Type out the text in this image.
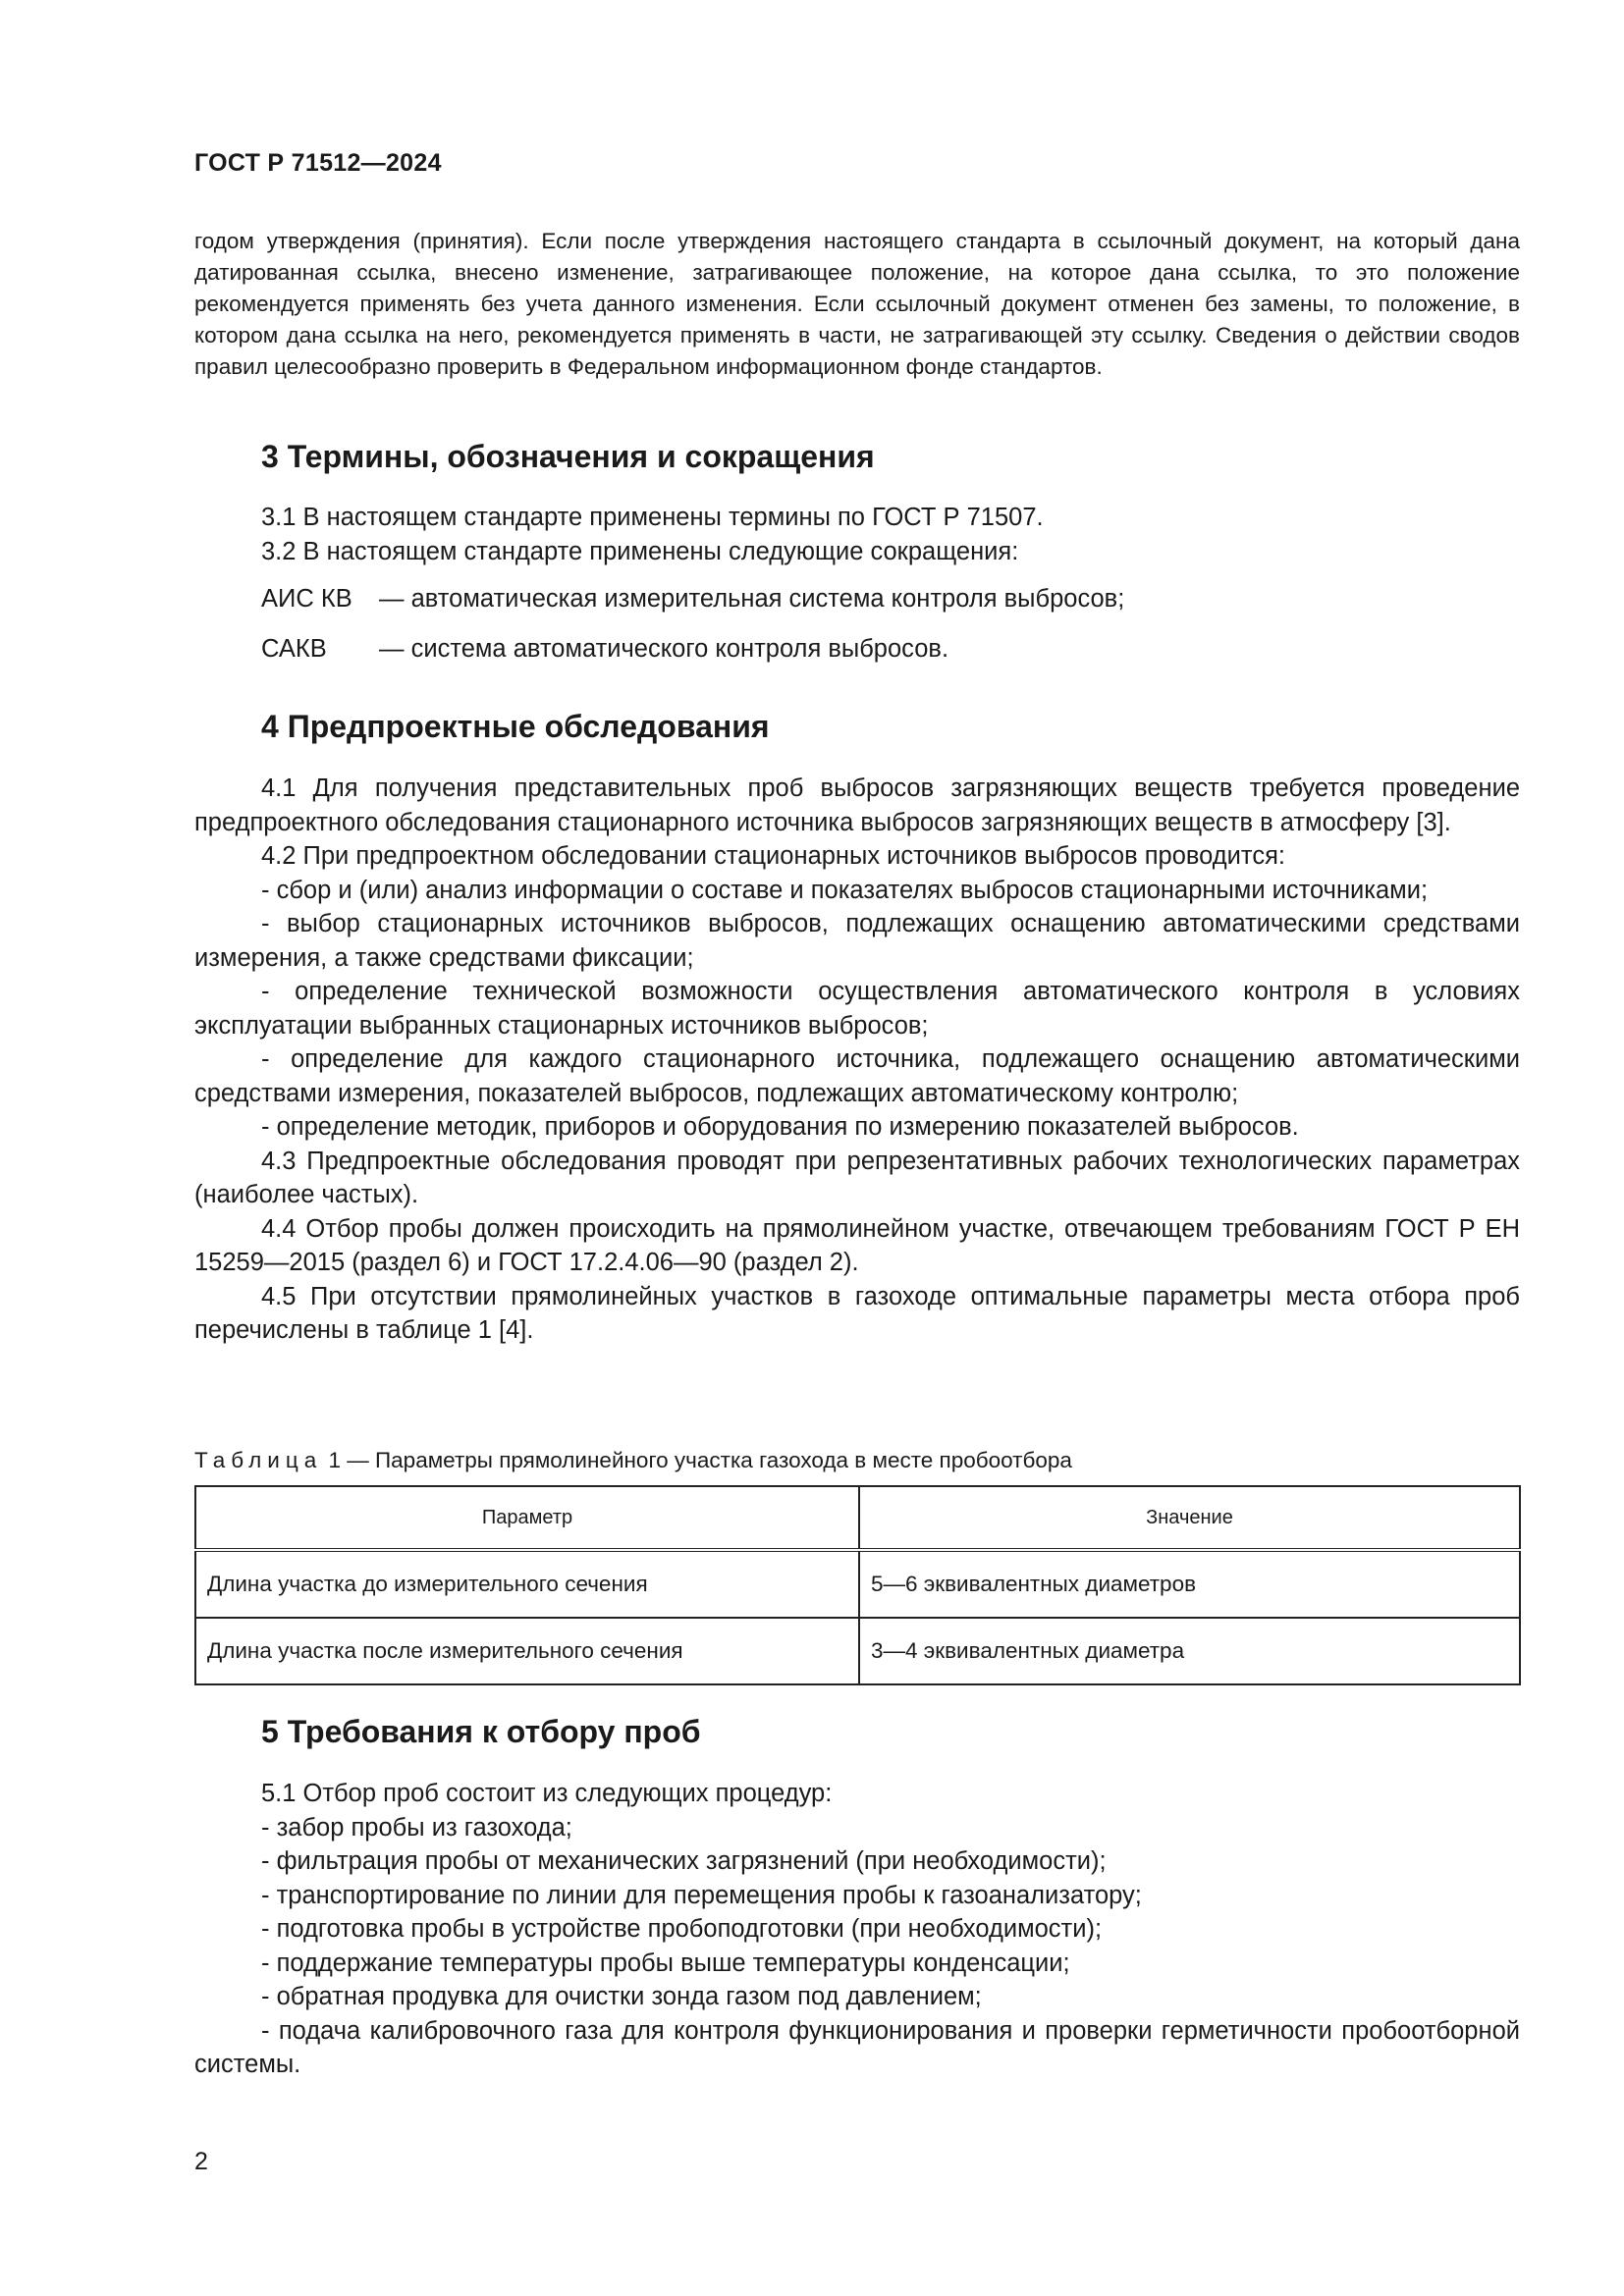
ГОСТ Р 71512—2024
годом утверждения (принятия). Если после утверждения настоящего стандарта в ссылочный документ, на который дана датированная ссылка, внесено изменение, затрагивающее положение, на которое дана ссылка, то это положение рекомендуется применять без учета данного изменения. Если ссылочный документ отменен без замены, то положение, в котором дана ссылка на него, рекомендуется применять в части, не затрагивающей эту ссылку. Сведения о действии сводов правил целесообразно проверить в Федеральном информационном фонде стандартов.
3 Термины, обозначения и сокращения

3.1 В настоящем стандарте применены термины по ГОСТ Р 71507.

3.2 В настоящем стандарте применены следующие сокращения:

АИС КВ	— автоматическая измерительная система контроля выбросов;
САКВ	— система автоматического контроля выбросов.
4 Предпроектные обследования

4.1 Для получения представительных проб выбросов загрязняющих веществ требуется проведение предпроектного обследования стационарного источника выбросов загрязняющих веществ в атмосферу [3].

4.2 При предпроектном обследовании стационарных источников выбросов проводится:

- сбор и (или) анализ информации о составе и показателях выбросов стационарными источниками;

- выбор стационарных источников выбросов, подлежащих оснащению автоматическими средствами измерения, а также средствами фиксации;

- определение технической возможности осуществления автоматического контроля в условиях эксплуатации выбранных стационарных источников выбросов;

- определение для каждого стационарного источника, подлежащего оснащению автоматическими средствами измерения, показателей выбросов, подлежащих автоматическому контролю;

- определение методик, приборов и оборудования по измерению показателей выбросов.

4.3 Предпроектные обследования проводят при репрезентативных рабочих технологических параметрах (наиболее частых).

4.4 Отбор пробы должен происходить на прямолинейном участке, отвечающем требованиям ГОСТ Р ЕН 15259—2015 (раздел 6) и ГОСТ 17.2.4.06—90 (раздел 2).

4.5 При отсутствии прямолинейных участков в газоходе оптимальные параметры места отбора проб перечислены в таблице 1 [4].

Таблица 1 — Параметры прямолинейного участка газохода в месте пробоотбора
Параметр	Значение
Длина участка до измерительного сечения	5—6 эквивалентных диаметров
Длина участка после измерительного сечения	3—4 эквивалентных диаметра
5 Требования к отбору проб

5.1 Отбор проб состоит из следующих процедур:

- забор пробы из газохода;

- фильтрация пробы от механических загрязнений (при необходимости);

- транспортирование по линии для перемещения пробы к газоанализатору;

- подготовка пробы в устройстве пробоподготовки (при необходимости);

- поддержание температуры пробы выше температуры конденсации;

- обратная продувка для очистки зонда газом под давлением;

- подача калибровочного газа для контроля функционирования и проверки герметичности пробоотборной системы.

2
